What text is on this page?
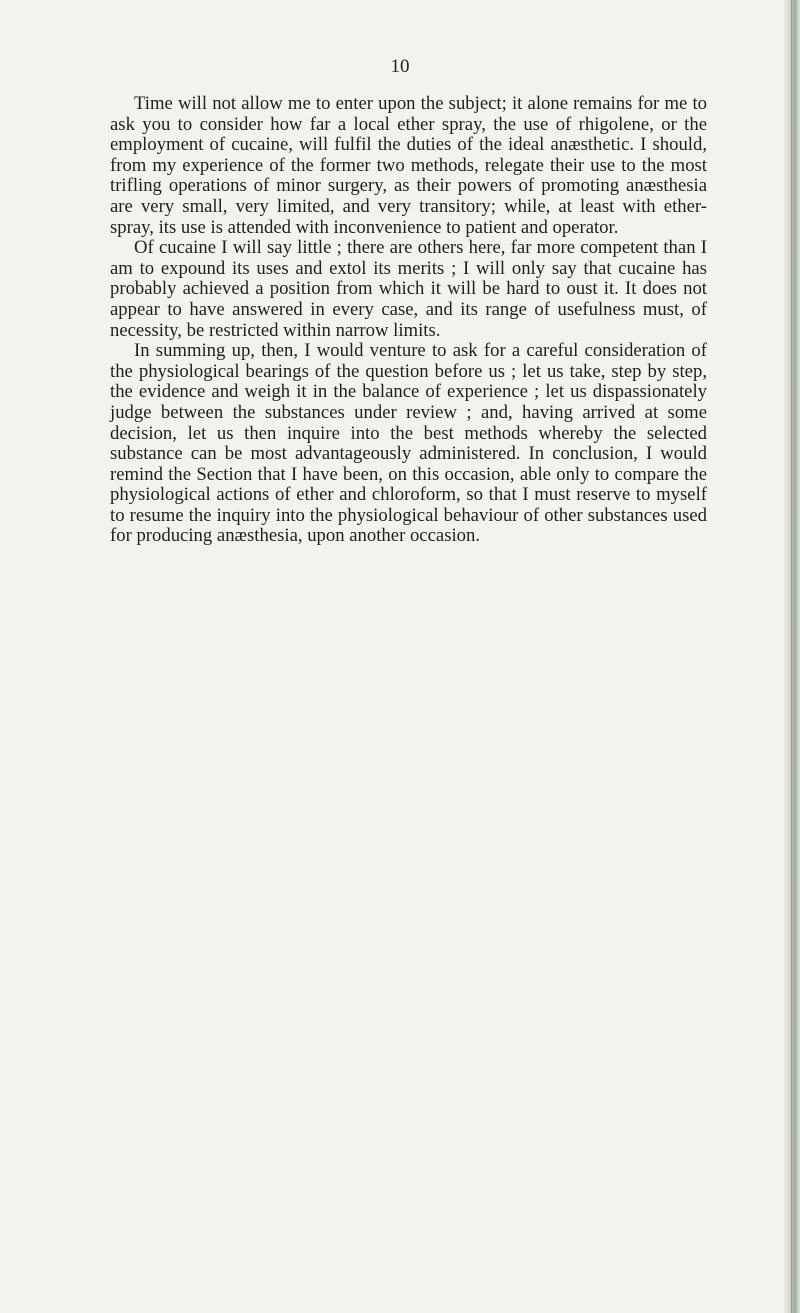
10

Time will not allow me to enter upon the subject; it alone remains for me to ask you to consider how far a local ether spray, the use of rhigolene, or the employment of cucaine, will fulfil the duties of the ideal anæsthetic. I should, from my experience of the former two methods, relegate their use to the most trifling operations of minor surgery, as their powers of promoting anæsthesia are very small, very limited, and very transitory; while, at least with ether-spray, its use is attended with inconvenience to patient and operator.

Of cucaine I will say little ; there are others here, far more competent than I am to expound its uses and extol its merits ; I will only say that cucaine has probably achieved a position from which it will be hard to oust it. It does not appear to have answered in every case, and its range of usefulness must, of necessity, be restricted within narrow limits.

In summing up, then, I would venture to ask for a careful consideration of the physiological bearings of the question before us ; let us take, step by step, the evidence and weigh it in the balance of experience ; let us dispassionately judge between the substances under review ; and, having arrived at some decision, let us then inquire into the best methods whereby the selected substance can be most advantageously administered. In conclusion, I would remind the Section that I have been, on this occasion, able only to compare the physiological actions of ether and chloroform, so that I must reserve to myself to resume the inquiry into the physiological behaviour of other substances used for producing anæsthesia, upon another occasion.
